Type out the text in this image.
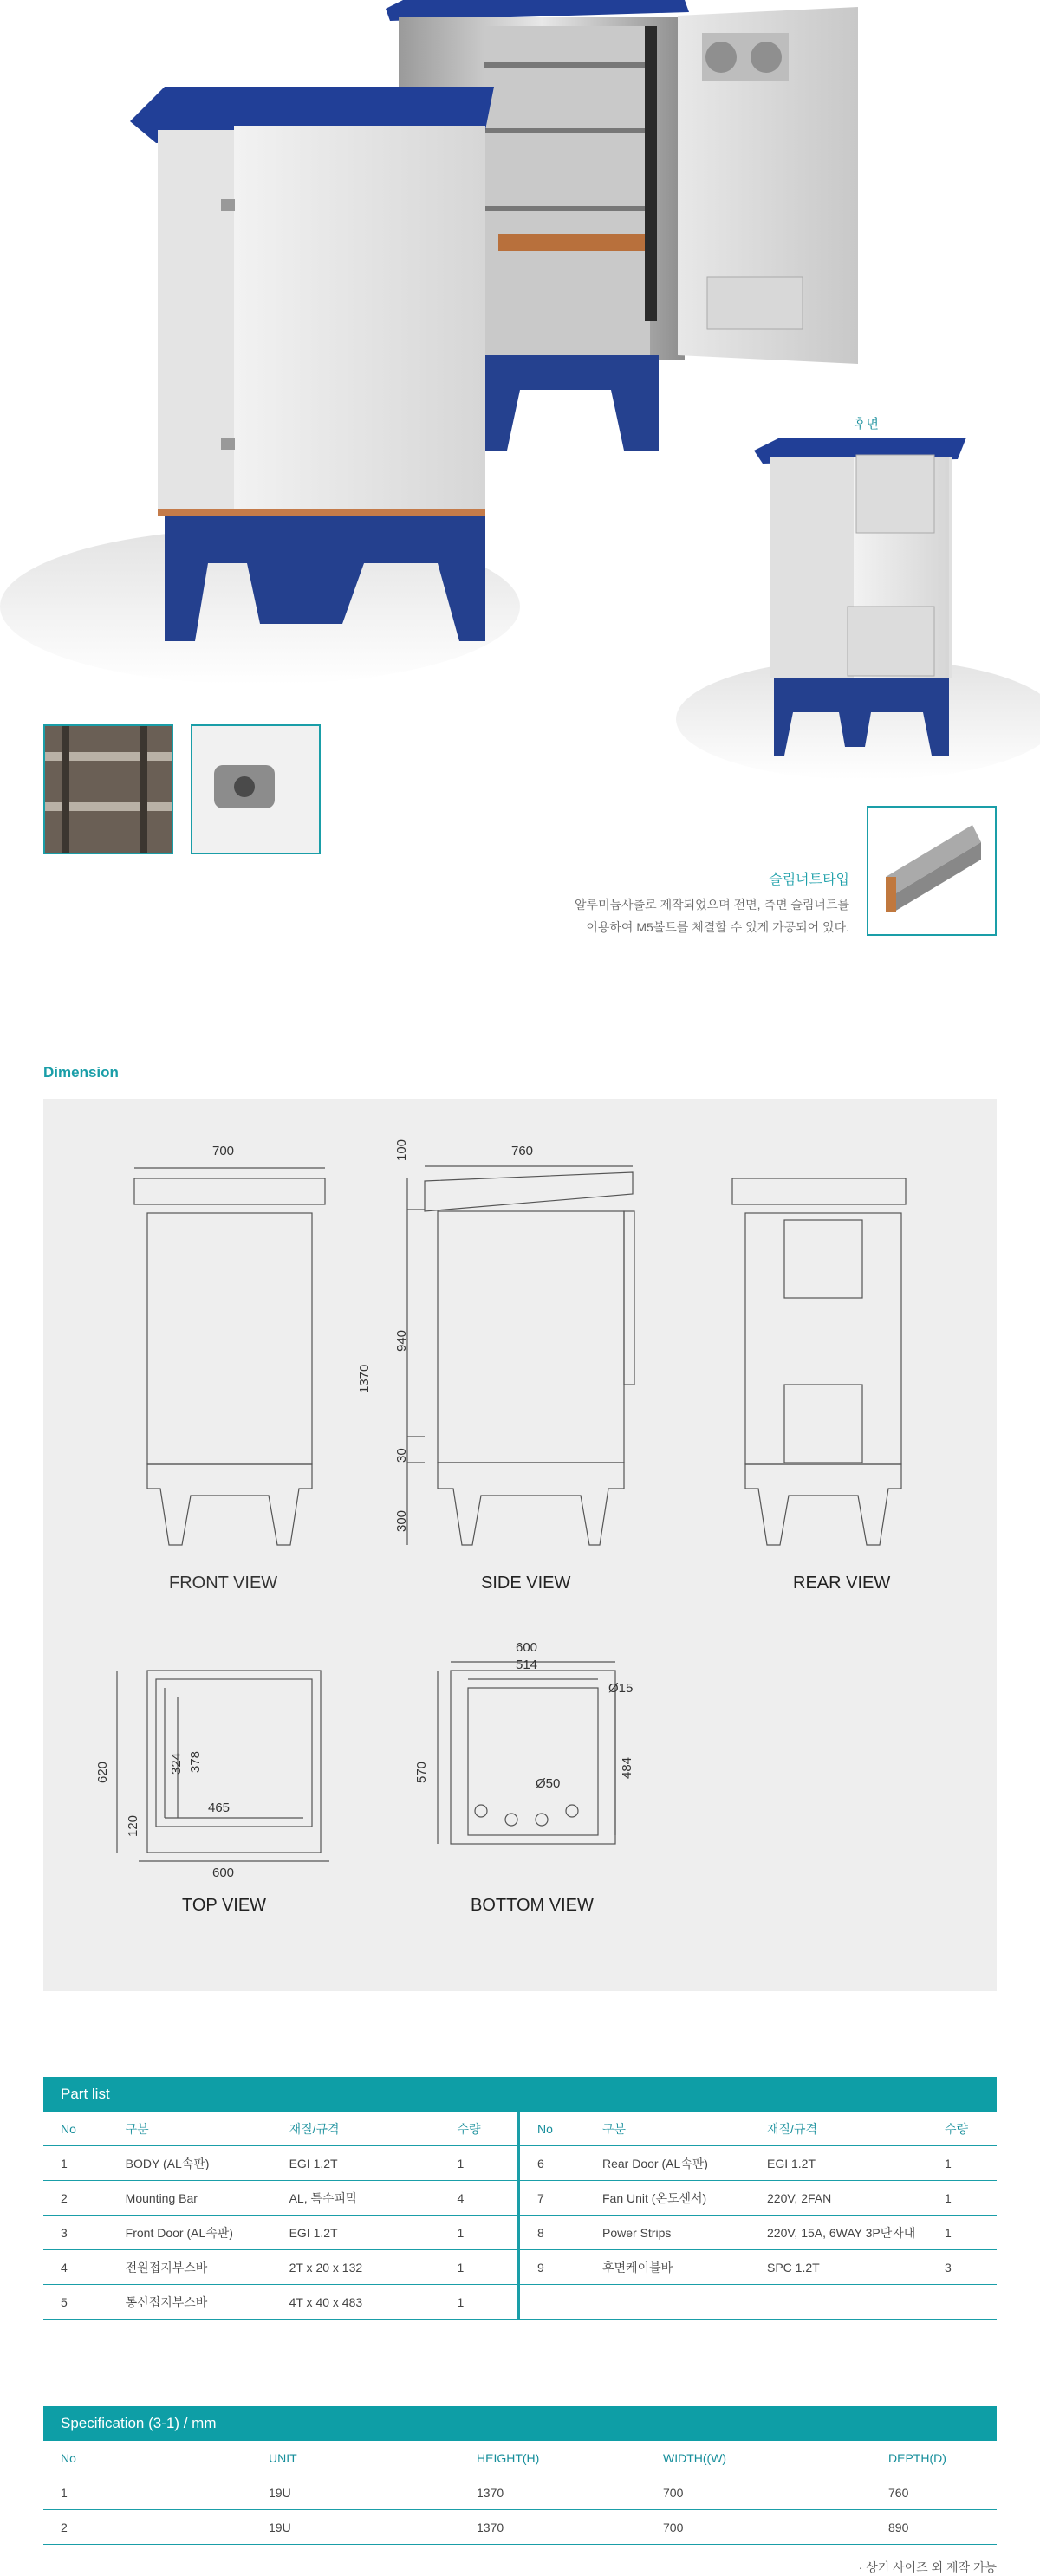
후면
슬림너트타입
알루미늄사출로 제작되었으며 전면, 측면 슬림너트를
이용하여 M5볼트를 체결할 수 있게 가공되어 있다.
Dimension
700
FRONT VIEW
760
100
940
30
300
1370
SIDE VIEW	REAR VIEW
620	324 378
120
465
600
TOP VIEW
600
514
Ø15
Ø50
570	484
BOTTOM VIEW
Part list
No	구분	재질/규격	수량
1	BODY (AL속판)	EGI 1.2T	1
2	Mounting Bar	AL, 특수피막	4
3	Front Door (AL속판)	EGI 1.2T	1
4	전원접지부스바	2T x 20 x 132	1
5	통신접지부스바	4T x 40 x 483	1
No	구분	재질/규격	수량
6	Rear Door (AL속판)	EGI 1.2T	1
7	Fan Unit (온도센서)	220V, 2FAN	1
8	Power Strips	220V, 15A, 6WAY 3P단자대	1
9	후면케이블바	SPC 1.2T	3
Specification (3-1) / mm
No	UNIT	HEIGHT(H)	WIDTH((W)	DEPTH(D)
1	19U	1370	700	760
2	19U	1370	700	890
· 상기 사이즈 외 제작 가능
